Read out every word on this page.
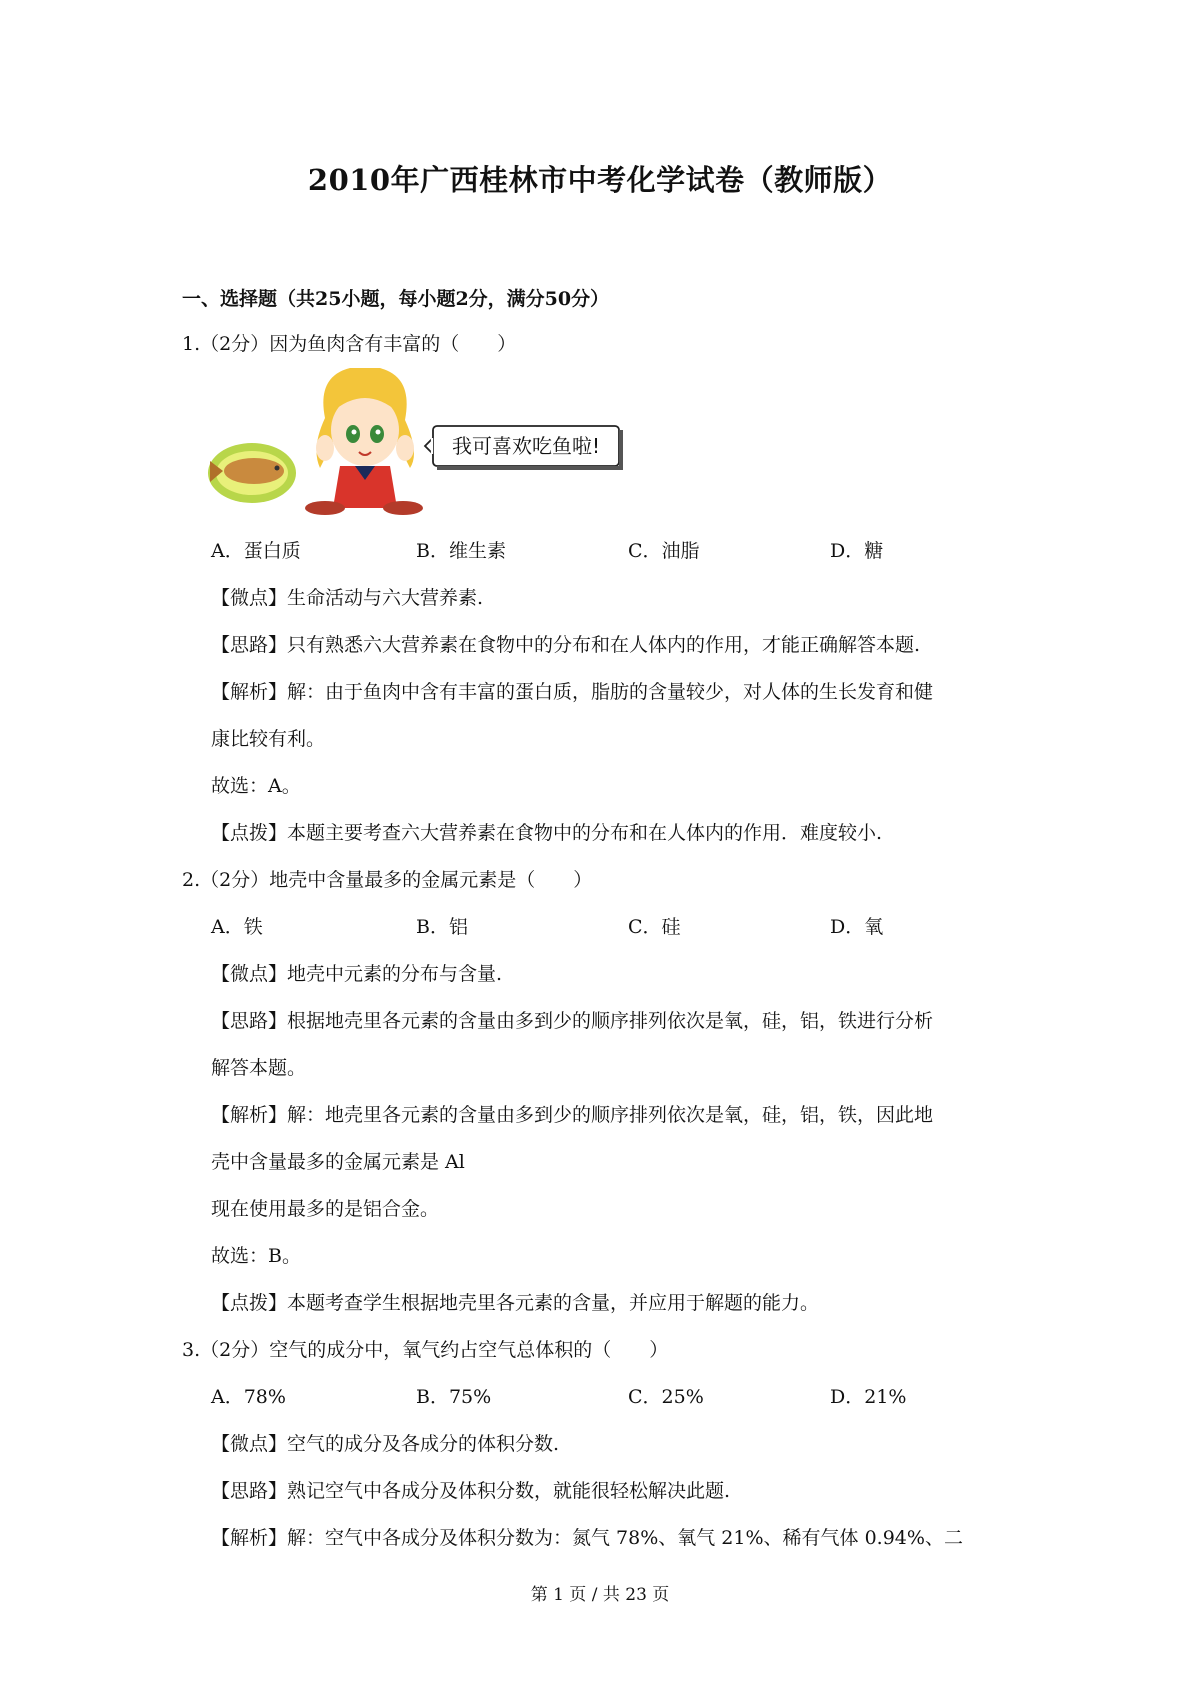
2010年广西桂林市中考化学试卷（教师版）
一、选择题（共25小题，每小题2分，满分50分）
1.（2分）因为鱼肉含有丰富的（　　）
我可喜欢吃鱼啦!
A．蛋白质	B．维生素	C．油脂	D．糖
【微点】生命活动与六大营养素.
【思路】只有熟悉六大营养素在食物中的分布和在人体内的作用，才能正确解答本题.
【解析】解：由于鱼肉中含有丰富的蛋白质，脂肪的含量较少，对人体的生长发育和健
康比较有利。
故选：A。
【点拨】本题主要考查六大营养素在食物中的分布和在人体内的作用．难度较小.
2.（2分）地壳中含量最多的金属元素是（　　）
A．铁	B．铝	C．硅	D．氧
【微点】地壳中元素的分布与含量.
【思路】根据地壳里各元素的含量由多到少的顺序排列依次是氧，硅，铝，铁进行分析
解答本题。
【解析】解：地壳里各元素的含量由多到少的顺序排列依次是氧，硅，铝，铁，因此地
壳中含量最多的金属元素是 Al
现在使用最多的是铝合金。
故选：B。
【点拨】本题考查学生根据地壳里各元素的含量，并应用于解题的能力。
3.（2分）空气的成分中，氧气约占空气总体积的（　　）
A．78%	B．75%	C．25%	D．21%
【微点】空气的成分及各成分的体积分数.
【思路】熟记空气中各成分及体积分数，就能很轻松解决此题.
【解析】解：空气中各成分及体积分数为：氮气 78%、氧气 21%、稀有气体 0.94%、二
第 1 页 / 共 23 页
